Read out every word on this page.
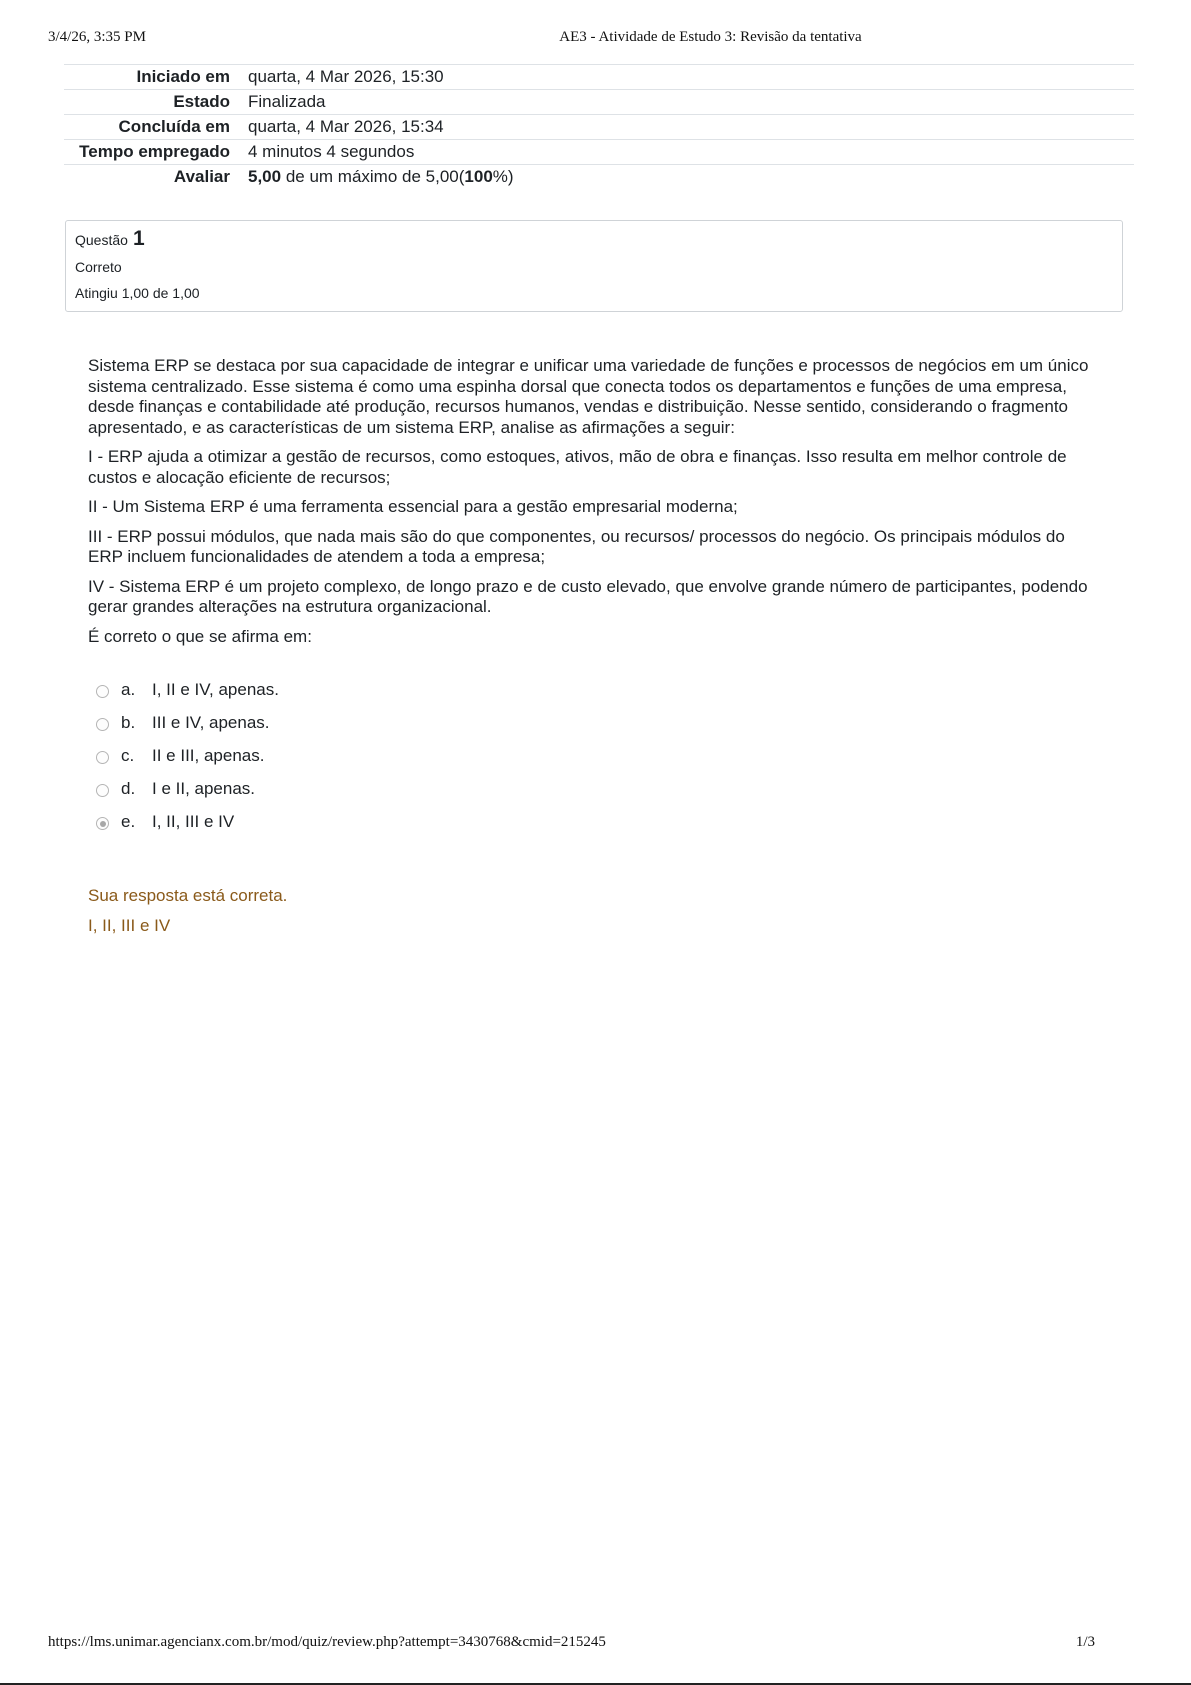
3/4/26, 3:35 PM	AE3 - Atividade de Estudo 3: Revisão da tentativa
Iniciado em	quarta, 4 Mar 2026, 15:30
Estado	Finalizada
Concluída em	quarta, 4 Mar 2026, 15:34
Tempo empregado	4 minutos 4 segundos
Avaliar	5,00 de um máximo de 5,00(100%)
Questão 1
Correto
Atingiu 1,00 de 1,00

Sistema ERP se destaca por sua capacidade de integrar e unificar uma variedade de funções e processos de negócios em um único sistema centralizado. Esse sistema é como uma espinha dorsal que conecta todos os departamentos e funções de uma empresa, desde finanças e contabilidade até produção, recursos humanos, vendas e distribuição. Nesse sentido, considerando o fragmento apresentado, e as características de um sistema ERP, analise as afirmações a seguir:

I - ERP ajuda a otimizar a gestão de recursos, como estoques, ativos, mão de obra e finanças. Isso resulta em melhor controle de custos e alocação eficiente de recursos;

II - Um Sistema ERP é uma ferramenta essencial para a gestão empresarial moderna;

III - ERP possui módulos, que nada mais são do que componentes, ou recursos/ processos do negócio. Os principais módulos do ERP incluem funcionalidades de atendem a toda a empresa;

IV - Sistema ERP é um projeto complexo, de longo prazo e de custo elevado, que envolve grande número de participantes, podendo gerar grandes alterações na estrutura organizacional.

É correto o que se afirma em:

a. I, II e IV, apenas.
b. III e IV, apenas.
c.	II e III, apenas.
d. I e II, apenas.
e. I, II, III e IV
Sua resposta está correta.
I, II, III e IV
https://lms.unimar.agencianx.com.br/mod/quiz/review.php?attempt=3430768&cmid=215245	1/3
